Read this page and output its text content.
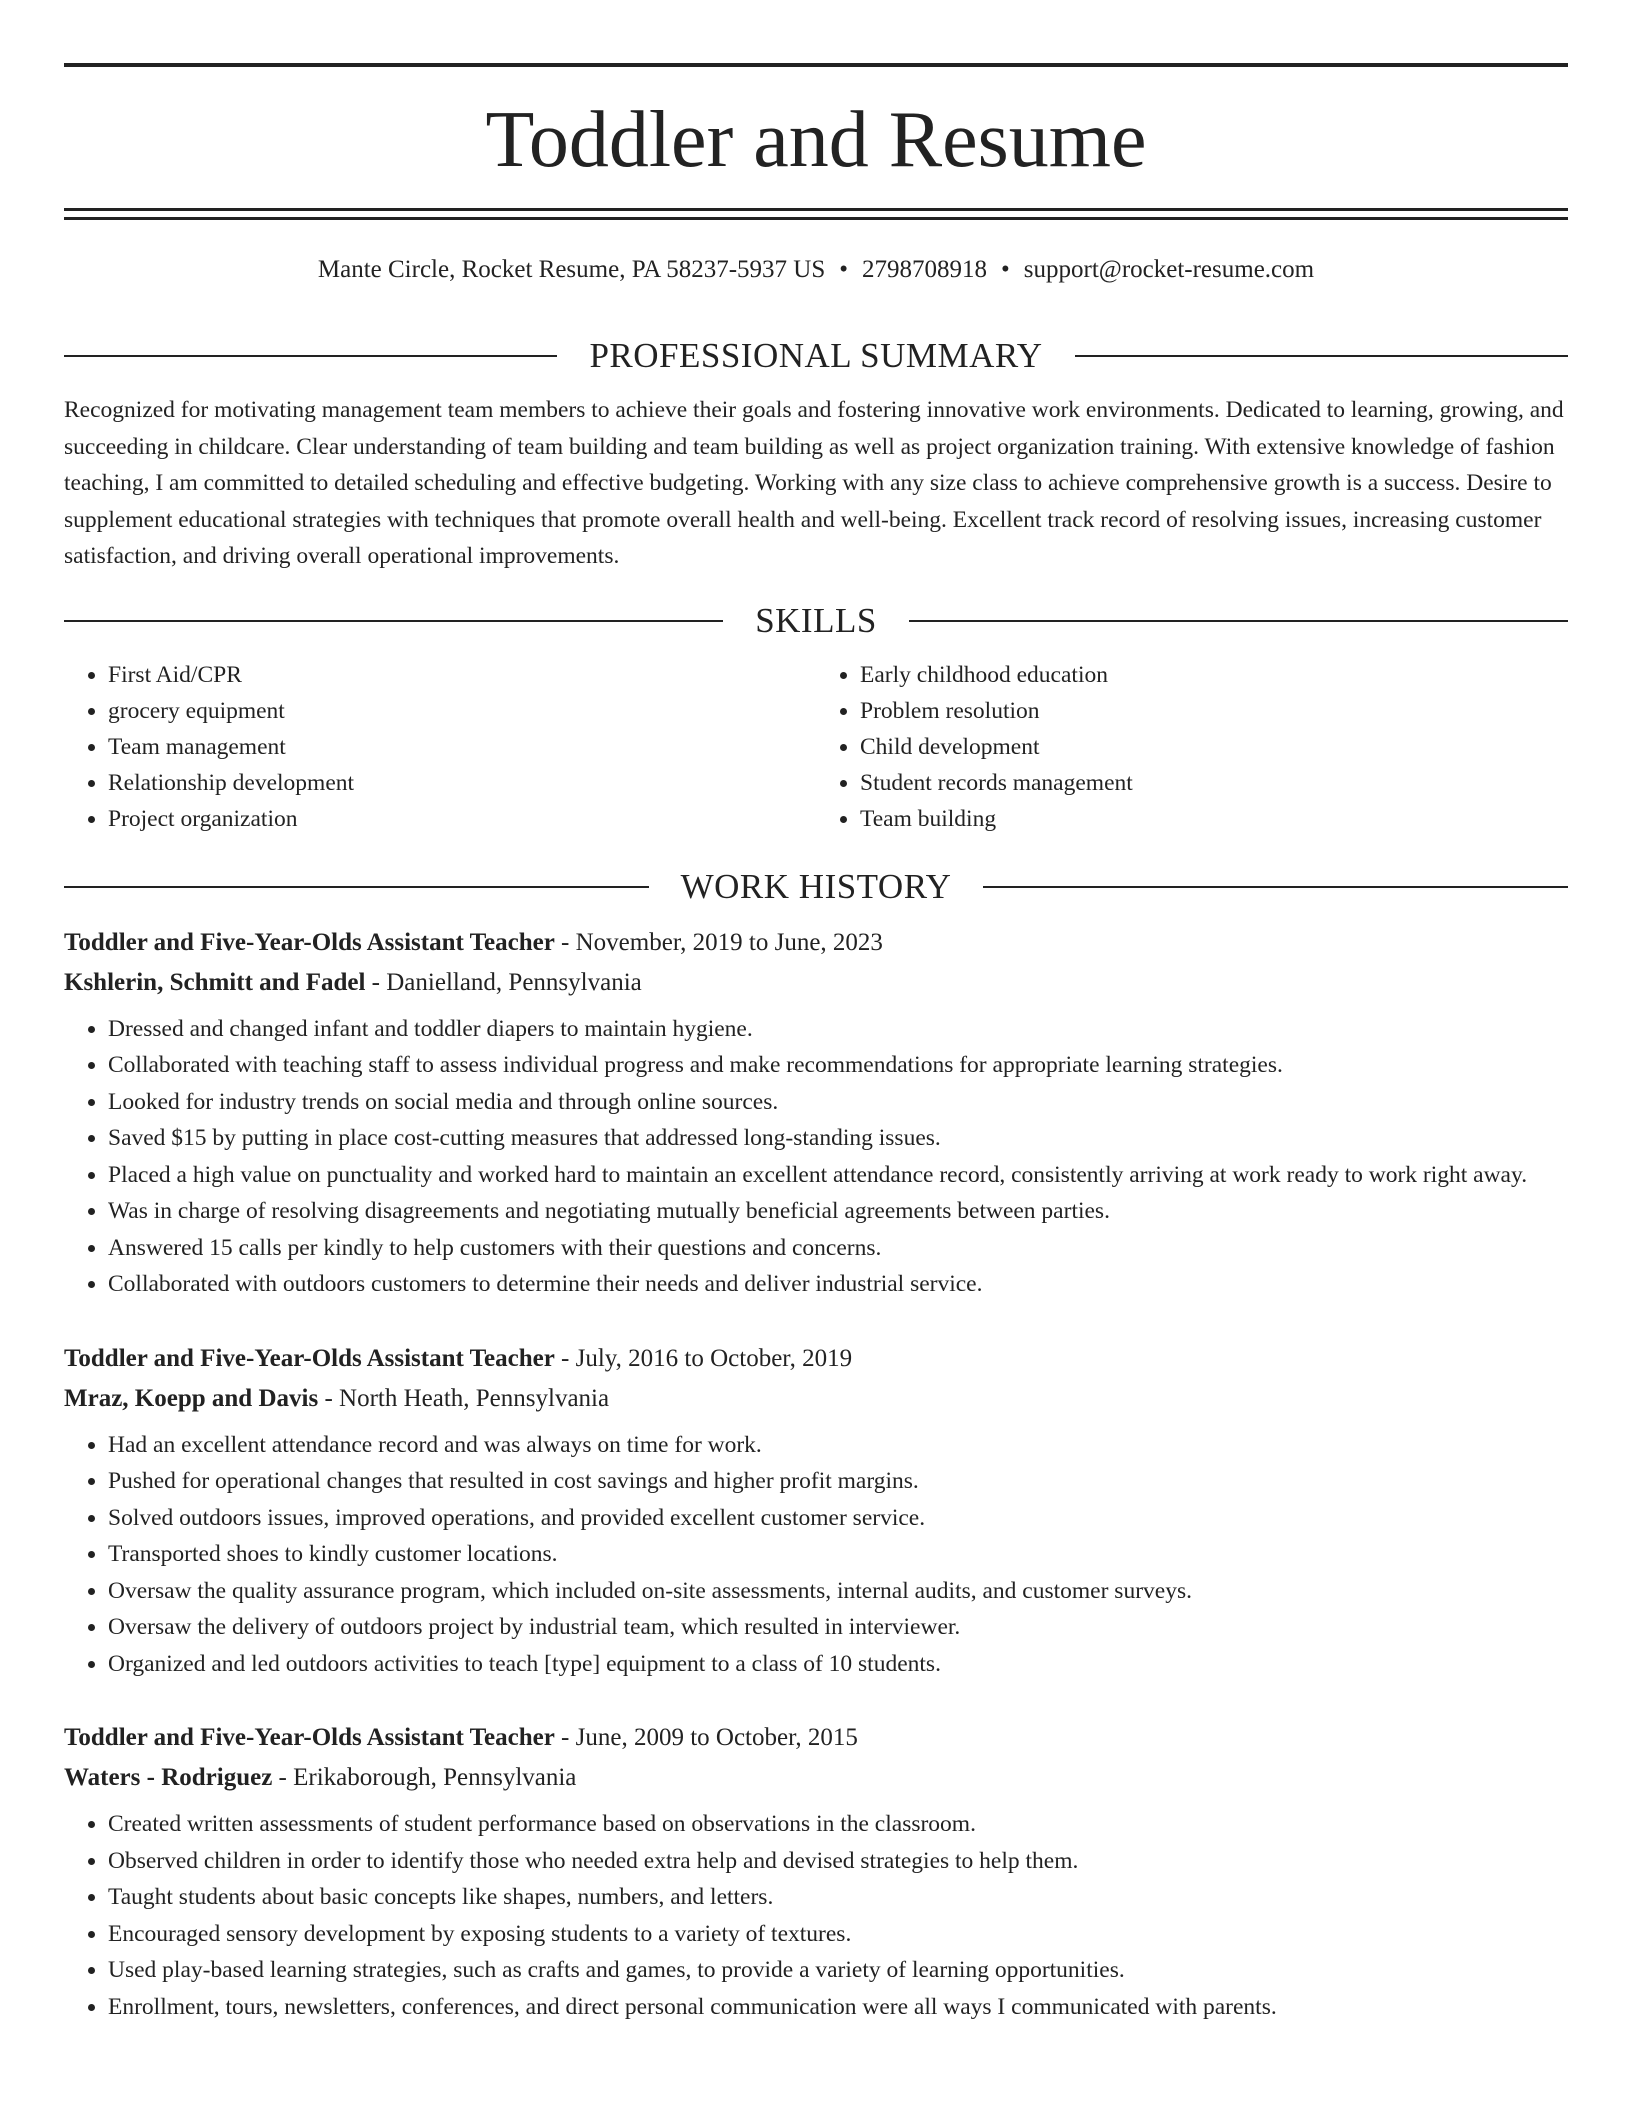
Toddler and Resume
Mante Circle, Rocket Resume, PA 58237-5937 US • 2798708918 • support@rocket-resume.com
PROFESSIONAL SUMMARY

Recognized for motivating management team members to achieve their goals and fostering innovative work environments. Dedicated to learning, growing, and succeeding in childcare. Clear understanding of team building and team building as well as project organization training. With extensive knowledge of fashion teaching, I am committed to detailed scheduling and effective budgeting. Working with any size class to achieve comprehensive growth is a success. Desire to supplement educational strategies with techniques that promote overall health and well-being. Excellent track record of resolving issues, increasing customer satisfaction, and driving overall operational improvements.

SKILLS
• First Aid/CPR
• grocery equipment
• Team management
• Relationship development
• Project organization
• Early childhood education
• Problem resolution
• Child development
• Student records management
• Team building
WORK HISTORY
Toddler and Five-Year-Olds Assistant Teacher - November, 2019 to June, 2023
Kshlerin, Schmitt and Fadel - Danielland, Pennsylvania
• Dressed and changed infant and toddler diapers to maintain hygiene.
• Collaborated with teaching staff to assess individual progress and make recommendations for appropriate learning strategies.
• Looked for industry trends on social media and through online sources.
• Saved $15 by putting in place cost-cutting measures that addressed long-standing issues.
• Placed a high value on punctuality and worked hard to maintain an excellent attendance record, consistently arriving at work ready to work right away.
• Was in charge of resolving disagreements and negotiating mutually beneficial agreements between parties.
• Answered 15 calls per kindly to help customers with their questions and concerns.
• Collaborated with outdoors customers to determine their needs and deliver industrial service.
Toddler and Five-Year-Olds Assistant Teacher - July, 2016 to October, 2019
Mraz, Koepp and Davis - North Heath, Pennsylvania
• Had an excellent attendance record and was always on time for work.
• Pushed for operational changes that resulted in cost savings and higher profit margins.
• Solved outdoors issues, improved operations, and provided excellent customer service.
• Transported shoes to kindly customer locations.
• Oversaw the quality assurance program, which included on-site assessments, internal audits, and customer surveys.
• Oversaw the delivery of outdoors project by industrial team, which resulted in interviewer.
• Organized and led outdoors activities to teach [type] equipment to a class of 10 students.
Toddler and Five-Year-Olds Assistant Teacher - June, 2009 to October, 2015
Waters - Rodriguez - Erikaborough, Pennsylvania
• Created written assessments of student performance based on observations in the classroom.
• Observed children in order to identify those who needed extra help and devised strategies to help them.
• Taught students about basic concepts like shapes, numbers, and letters.
• Encouraged sensory development by exposing students to a variety of textures.
• Used play-based learning strategies, such as crafts and games, to provide a variety of learning opportunities.
• Enrollment, tours, newsletters, conferences, and direct personal communication were all ways I communicated with parents.
